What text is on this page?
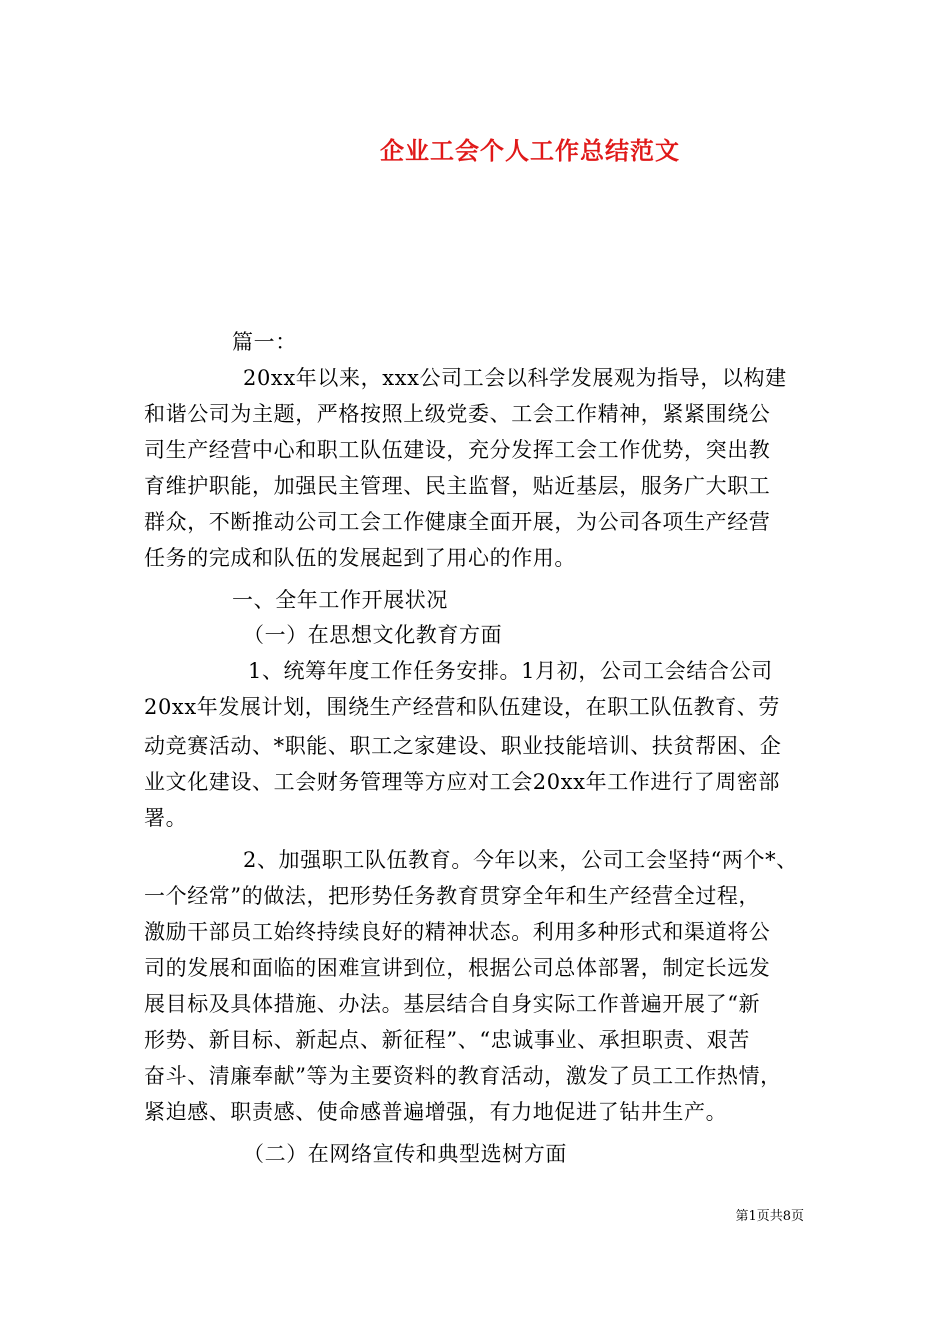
企业工会个人工作总结范文
篇一：
20xx年以来，xxx公司工会以科学发展观为指导，以构建
和谐公司为主题，严格按照上级党委、工会工作精神，紧紧围绕公
司生产经营中心和职工队伍建设，充分发挥工会工作优势，突出教
育维护职能，加强民主管理、民主监督，贴近基层，服务广大职工
群众，不断推动公司工会工作健康全面开展，为公司各项生产经营
任务的完成和队伍的发展起到了用心的作用。
一、全年工作开展状况
（一）在思想文化教育方面
1、统筹年度工作任务安排。1月初，公司工会结合公司
20xx年发展计划，围绕生产经营和队伍建设，在职工队伍教育、劳
动竞赛活动、*职能、职工之家建设、职业技能培训、扶贫帮困、企
业文化建设、工会财务管理等方应对工会20xx年工作进行了周密部
署。
2、加强职工队伍教育。今年以来，公司工会坚持“两个*、
一个经常”的做法，把形势任务教育贯穿全年和生产经营全过程，
激励干部员工始终持续良好的精神状态。利用多种形式和渠道将公
司的发展和面临的困难宣讲到位，根据公司总体部署，制定长远发
展目标及具体措施、办法。基层结合自身实际工作普遍开展了“新
形势、新目标、新起点、新征程”、“忠诚事业、承担职责、艰苦
奋斗、清廉奉献”等为主要资料的教育活动，激发了员工工作热情，
紧迫感、职责感、使命感普遍增强，有力地促进了钻井生产。
（二）在网络宣传和典型选树方面
第1页共8页
